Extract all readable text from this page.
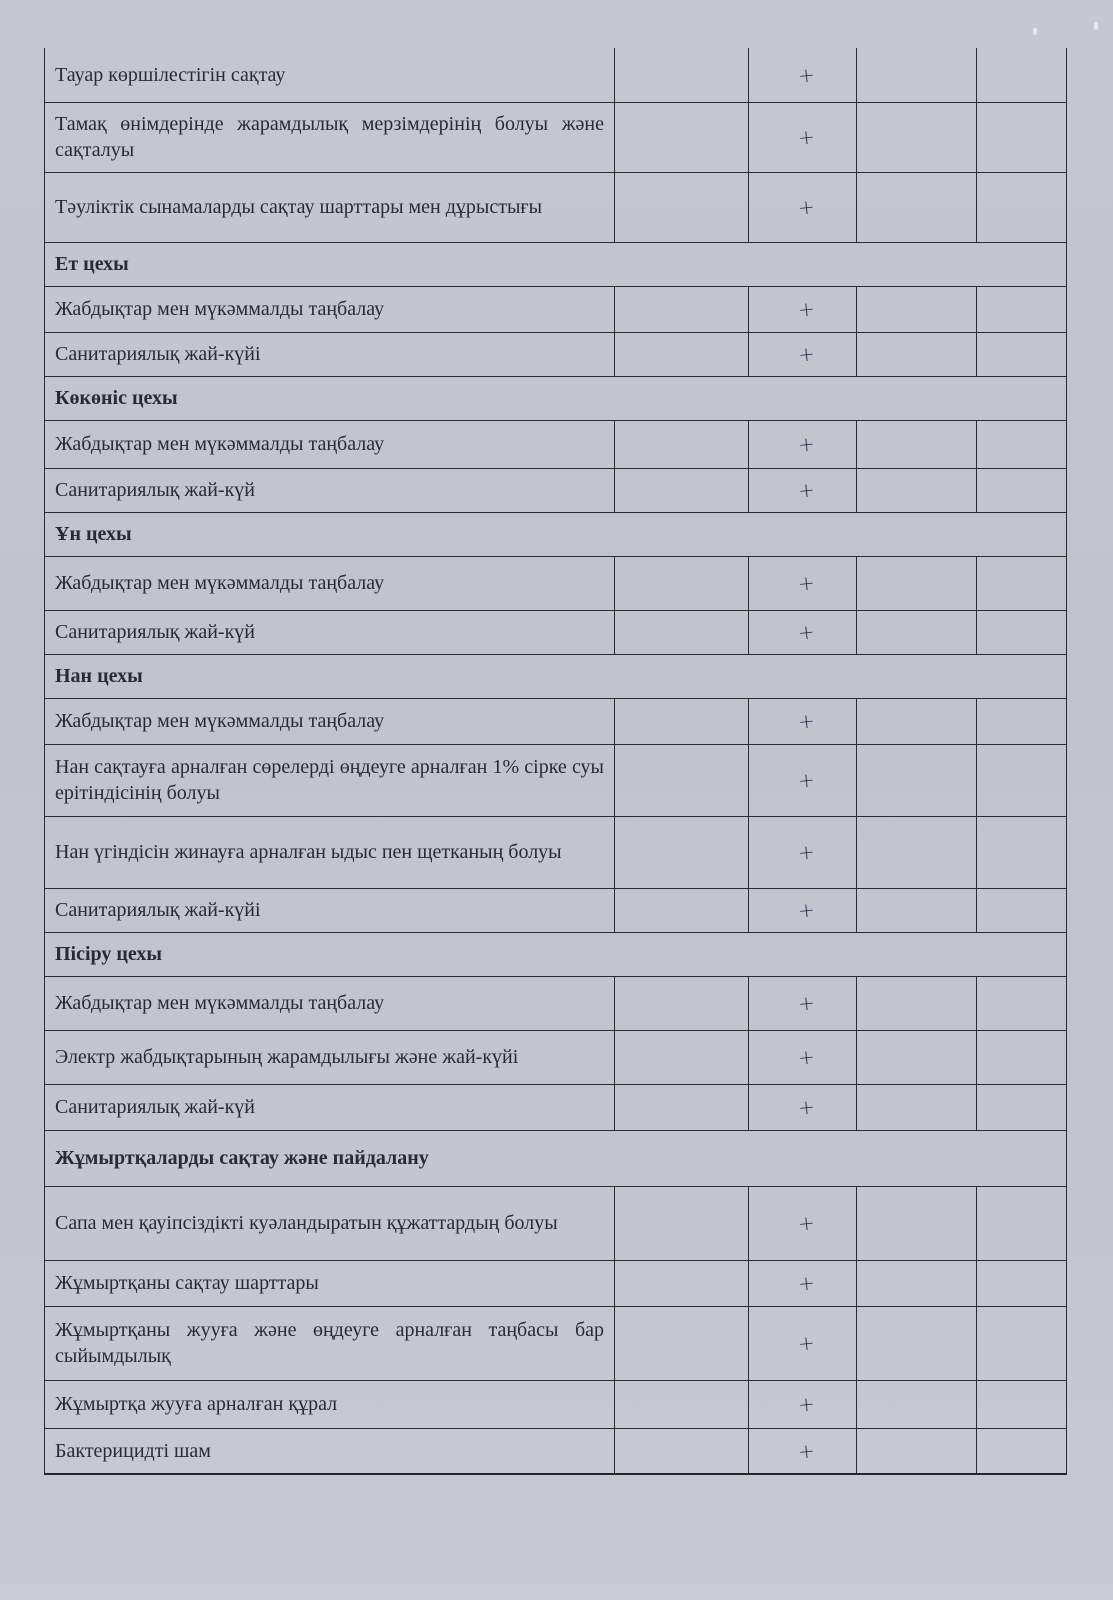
Тауар көршілестігін сақтау		+		
Тамақ өнімдерінде жарамдылық мерзімдерінің болуы және сақталуы		+		
Тәуліктік сынамаларды сақтау шарттары мен дұрыстығы		+		
Ет цехы				
Жабдықтар мен мүкәммалды таңбалау		+		
Санитариялық жай-күйі		+		
Көкөніс цехы				
Жабдықтар мен мүкәммалды таңбалау		+		
Санитариялық жай-күй		+		
Ұн цехы				
Жабдықтар мен мүкәммалды таңбалау		+		
Санитариялық жай-күй		+		
Нан цехы				
Жабдықтар мен мүкәммалды таңбалау		+		
Нан сақтауға арналған сөрелерді өңдеуге арналған 1% сірке суы ерітіндісінің болуы		+		
Нан үгіндісін жинауға арналған ыдыс пен щетканың болуы		+		
Санитариялық жай-күйі		+		
Пісіру цехы				
Жабдықтар мен мүкәммалды таңбалау		+		
Электр жабдықтарының жарамдылығы және жай-күйі		+		
Санитариялық жай-күй		+		
Жұмыртқаларды сақтау және пайдалану				
Сапа мен қауіпсіздікті куәландыратын құжаттардың болуы		+		
Жұмыртқаны сақтау шарттары		+		
Жұмыртқаны жууға және өңдеуге арналған таңбасы бар сыйымдылық		+		
Жұмыртқа жууға арналған құрал		+		
Бактерицидті шам		+		
